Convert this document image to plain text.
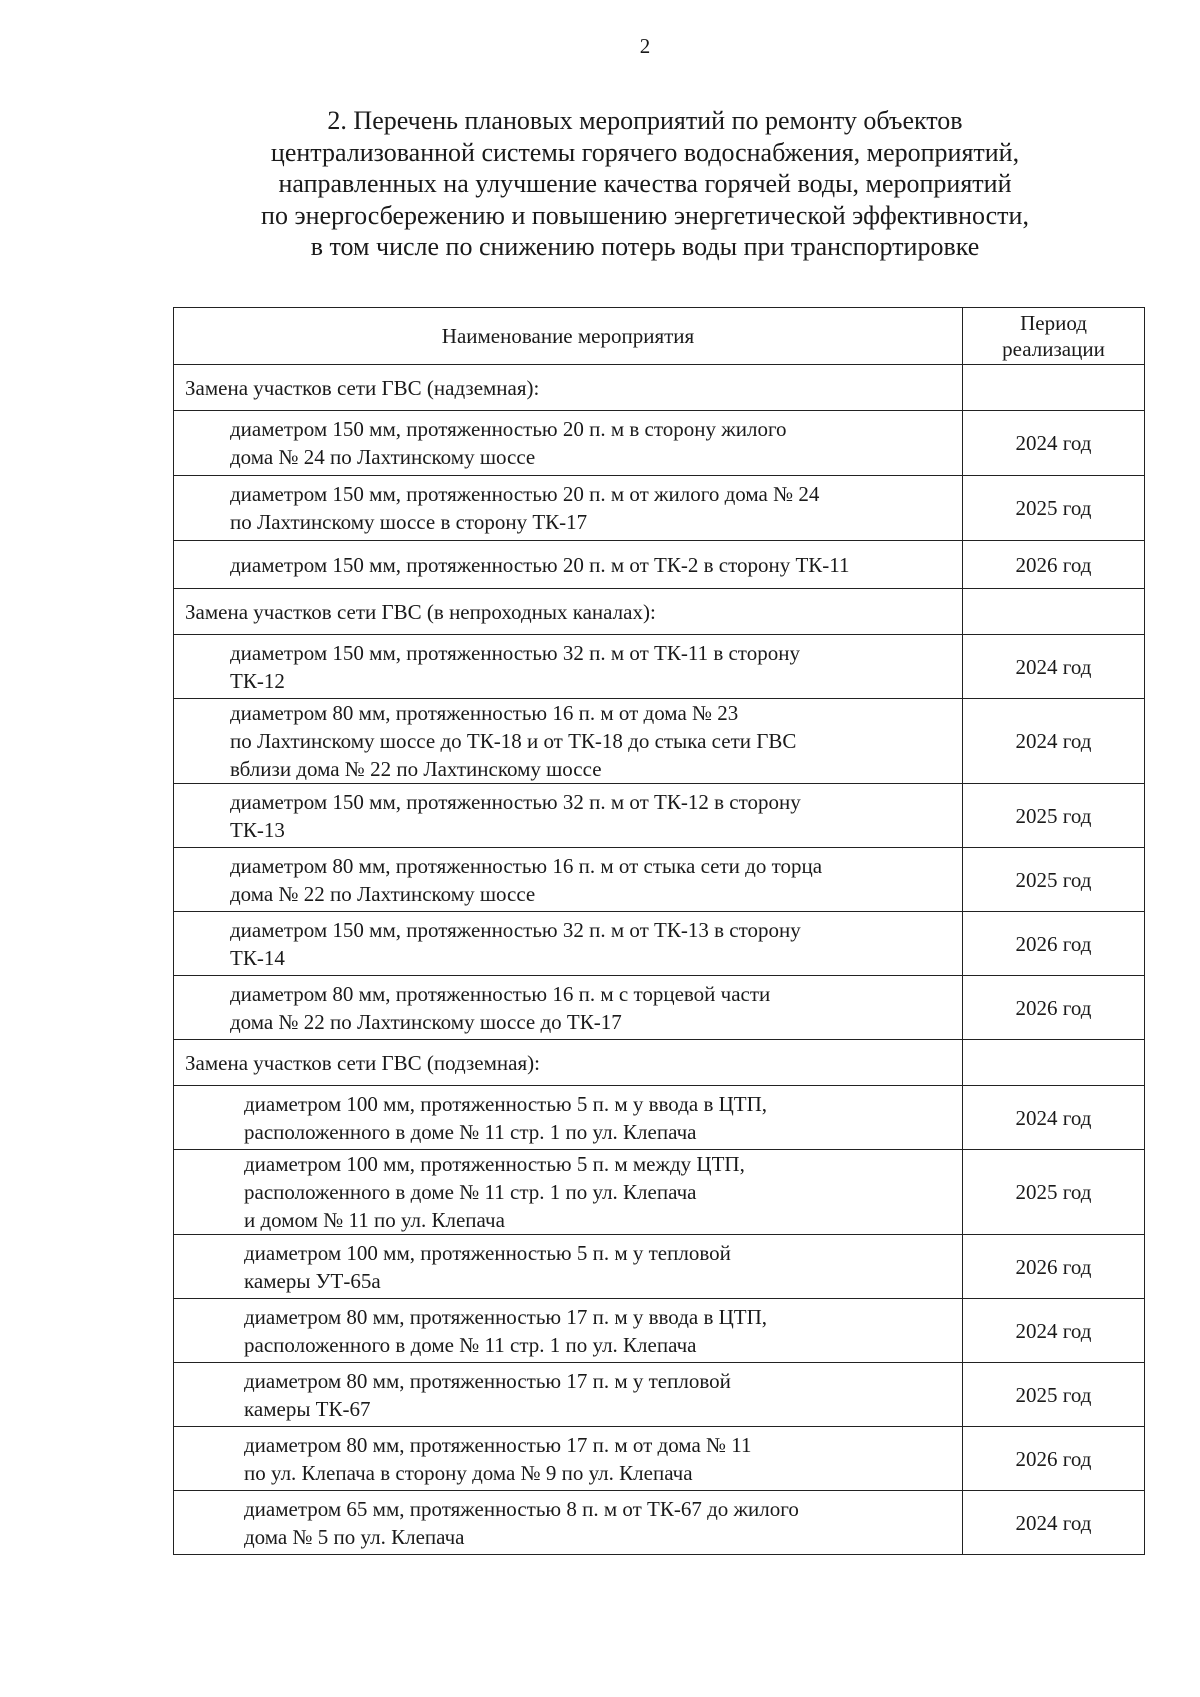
2
2. Перечень плановых мероприятий по ремонту объектов
централизованной системы горячего водоснабжения, мероприятий,
направленных на улучшение качества горячей воды, мероприятий
по энергосбережению и повышению энергетической эффективности,
в том числе по снижению потерь воды при транспортировке
Наименование мероприятия	Период
реализации

Замена участков сети ГВС (надземная):	

диаметром 150 мм, протяженностью 20 п. м в сторону жилого
дома № 24 по Лахтинскому шоссе	2024 год

диаметром 150 мм, протяженностью 20 п. м от жилого дома № 24
по Лахтинскому шоссе в сторону ТК-17	2025 год

диаметром 150 мм, протяженностью 20 п. м от ТК-2 в сторону ТК-11	2026 год
Замена участков сети ГВС (в непроходных каналах):	

диаметром 150 мм, протяженностью 32 п. м от ТК-11 в сторону
ТК-12	2024 год

диаметром 80 мм, протяженностью 16 п. м от дома № 23
по Лахтинскому шоссе до ТК-18 и от ТК-18 до стыка сети ГВС
вблизи дома № 22 по Лахтинскому шоссе	2024 год

диаметром 150 мм, протяженностью 32 п. м от ТК-12 в сторону
ТК-13	2025 год

диаметром 80 мм, протяженностью 16 п. м от стыка сети до торца
дома № 22 по Лахтинскому шоссе	2025 год

диаметром 150 мм, протяженностью 32 п. м от ТК-13 в сторону
ТК-14	2026 год

диаметром 80 мм, протяженностью 16 п. м с торцевой части
дома № 22 по Лахтинскому шоссе до ТК-17	2026 год
Замена участков сети ГВС (подземная):	

диаметром 100 мм, протяженностью 5 п. м у ввода в ЦТП,
расположенного в доме № 11 стр. 1 по ул. Клепача	2024 год

диаметром 100 мм, протяженностью 5 п. м между ЦТП,
расположенного в доме № 11 стр. 1 по ул. Клепача
и домом № 11 по ул. Клепача	2025 год

диаметром 100 мм, протяженностью 5 п. м у тепловой
камеры УТ-65а	2026 год

диаметром 80 мм, протяженностью 17 п. м у ввода в ЦТП,
расположенного в доме № 11 стр. 1 по ул. Клепача	2024 год

диаметром 80 мм, протяженностью 17 п. м у тепловой
камеры ТК-67	2025 год

диаметром 80 мм, протяженностью 17 п. м от дома № 11
по ул. Клепача в сторону дома № 9 по ул. Клепача	2026 год

диаметром 65 мм, протяженностью 8 п. м от ТК-67 до жилого
дома № 5 по ул. Клепача	2024 год
